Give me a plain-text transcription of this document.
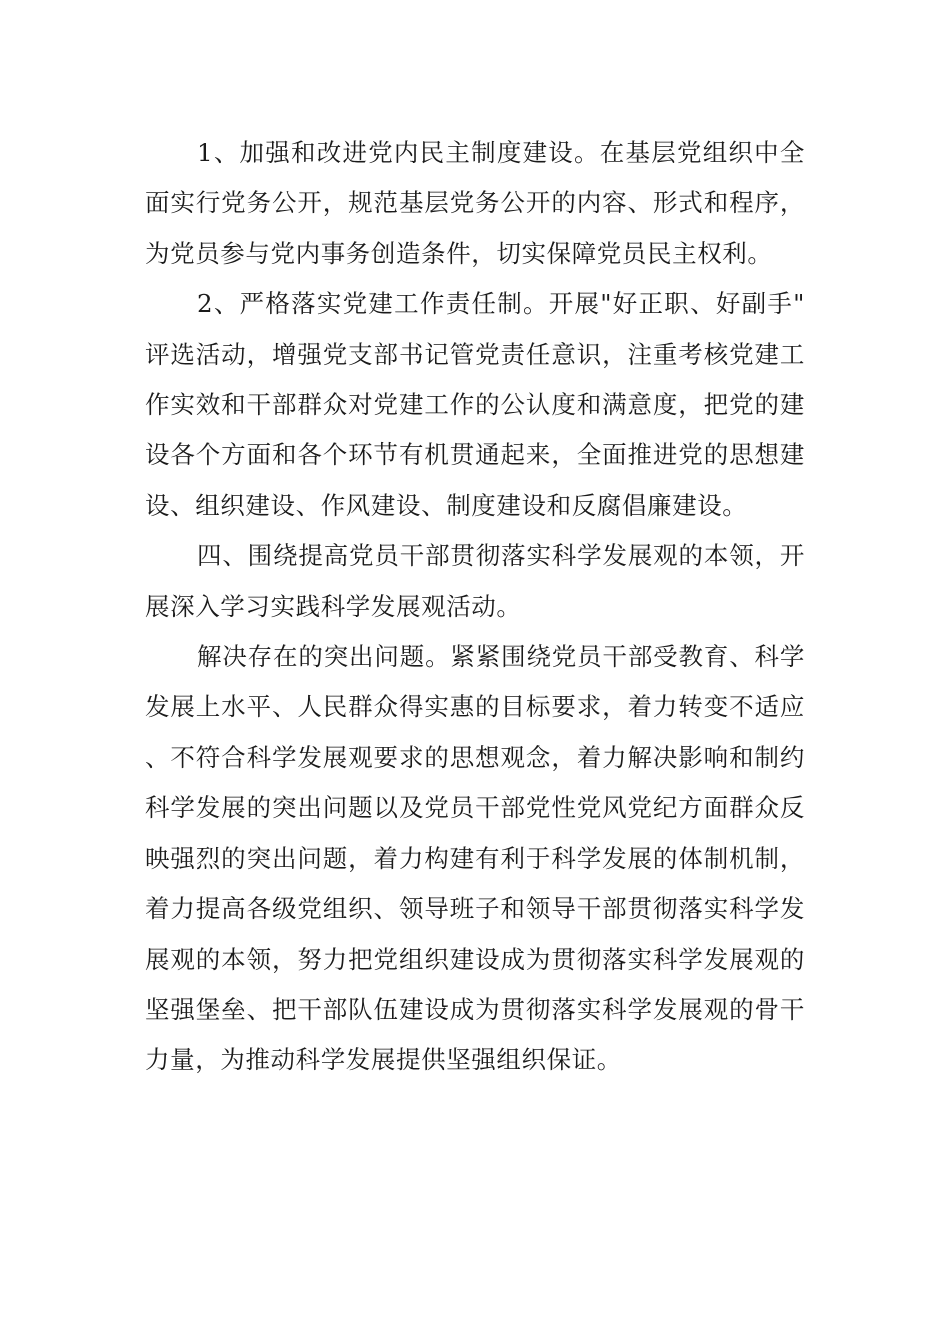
1、加强和改进党内民主制度建设。在基层党组织中全面实行党务公开，规范基层党务公开的内容、形式和程序，为党员参与党内事务创造条件，切实保障党员民主权利。

2、严格落实党建工作责任制。开展"好正职、好副手"评选活动，增强党支部书记管党责任意识，注重考核党建工作实效和干部群众对党建工作的公认度和满意度，把党的建设各个方面和各个环节有机贯通起来，全面推进党的思想建设、组织建设、作风建设、制度建设和反腐倡廉建设。

四、围绕提高党员干部贯彻落实科学发展观的本领，开展深入学习实践科学发展观活动。

解决存在的突出问题。紧紧围绕党员干部受教育、科学发展上水平、人民群众得实惠的目标要求，着力转变不适应、不符合科学发展观要求的思想观念，着力解决影响和制约科学发展的突出问题以及党员干部党性党风党纪方面群众反映强烈的突出问题，着力构建有利于科学发展的体制机制，着力提高各级党组织、领导班子和领导干部贯彻落实科学发展观的本领，努力把党组织建设成为贯彻落实科学发展观的坚强堡垒、把干部队伍建设成为贯彻落实科学发展观的骨干力量，为推动科学发展提供坚强组织保证。
